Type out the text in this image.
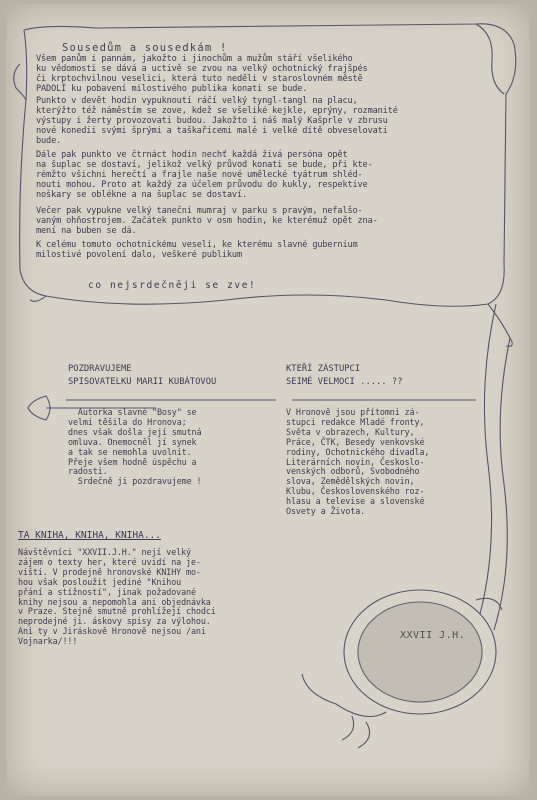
Sousedům a sousedkám !
Všem panům i pannám, jakožto i jinochům a mužům stáří všelikého
ku vědomosti se dává a uctivě se zvou na velký ochotnický frajšpés
či krptochvilnou veselici, která tuto neděli v staroslovném městě
PADOLÍ ku pobavení milostivého publika konati se bude.
Punkto v devět hodin vypuknouti ráčí velký tyngl-tangl na placu,
kterýžto též náměstím se zove, kdež se všeliké kejkle, eprýny, rozmanité
výstupy i žerty provozovati budou. Jakožto i náš malý Kašprle v zbrusu
nové konedii svými šprými a taškařicemi malé i velké dítě obveselovati
bude.
Dále pak punkto ve čtrnáct hodin nechť každá živá persóna opět
na šuplac se dostaví, jelikož velký průvod konati se bude, při kte-
rémžto všichni herečtí a frajle naše nové umělecké tyátrum shléd-
nouti mohou. Proto at každý za účelem průvodu do kukly, respektive
noškary se obléknе a na šuplac se dostaví.
Večer pak vypukne velký taneční mumraj v parku s pravým, nefalšo-
vaným ohňostrojem. Začátek punkto v osm hodin, ke kterémuž opět zna-
mení na buben se dá.
K celému tomuto ochotnickému veselí, ke kterému slavné gubernium
milostivé povolení dalo, veškeré publikum
co nejsrdečněji se zve!
POZDRAVUJEME
SPISOVATELKU MARII KUBÁTOVOU
Autorka slavné "Bosy" se
velmi těšila do Hronova;
dnes však došla její smutná
omluva. Onemocněl jí synek
a tak se nemohla uvolnit.
Přeje všem hodně úspěchu a
radosti.
Srdečně ji pozdravujeme !
KTEŘÍ ZÁSTUPCI
SEIMÉ VELMOCI ..... ??
V Hronově jsou přítomni zá-
stupci redakce Mladé fronty,
Světa v obrazech, Kultury,
Práce, ČTK, Besedy venkovské
rodiny, Ochotnického divadla,
Literárních novin, Českoslo-
venských odborů, Svobodného
slova, Zemědělských novin,
Klubu, Československého roz-
hlasu a televise a slovenské
Osvety a Života.
TA KNIHA, KNIHA, KNIHA...
Návštěvníci "XXVII.J.H." nejí velký
zájem o texty her, které uvidí na je-
višti. V prodejně hronovské KNIHY mo-
hou však posloužit jediné "Knihou
přání a stížností", jinak požadované
knihy nejsou a nepomohla ani objednávka
v Praze. Stejně smutně prohlížejí chodci
neprodejné ji. áskovy spisy za výlohou.
Ani ty v Jiráskově Hronově nejsou /ani
Vojnarka/!!!
XXVII J.H.
